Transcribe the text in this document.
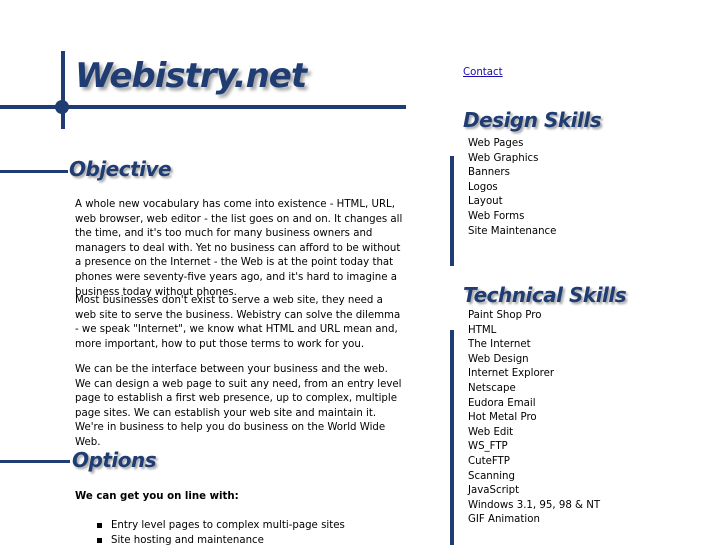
Webistry.net
Objective

A whole new vocabulary has come into existence - HTML, URL, web browser, web editor - the list goes on and on. It changes all the time, and it's too much for many business owners and managers to deal with. Yet no business can afford to be without a presence on the Internet - the Web is at the point today that phones were seventy-five years ago, and it's hard to imagine a business today without phones.

Most businesses don't exist to serve a web site, they need a web site to serve the business. Webistry can solve the dilemma - we speak "Internet", we know what HTML and URL mean and, more important, how to put those terms to work for you.

We can be the interface between your business and the web. We can design a web page to suit any need, from an entry level page to establish a first web presence, up to complex, multiple page sites. We can establish your web site and maintain it. We're in business to help you do business on the World Wide Web.

Options
We can get you on line with:
Entry level pages to complex multi-page sites
Site hosting and maintenance
Contact
Design Skills
Web Pages
Web Graphics
Banners
Logos
Layout
Web Forms
Site Maintenance
Technical Skills
Paint Shop Pro
HTML
The Internet
Web Design
Internet Explorer
Netscape
Eudora Email
Hot Metal Pro
Web Edit
WS_FTP
CuteFTP
Scanning
JavaScript
Windows 3.1, 95, 98 & NT
GIF Animation
